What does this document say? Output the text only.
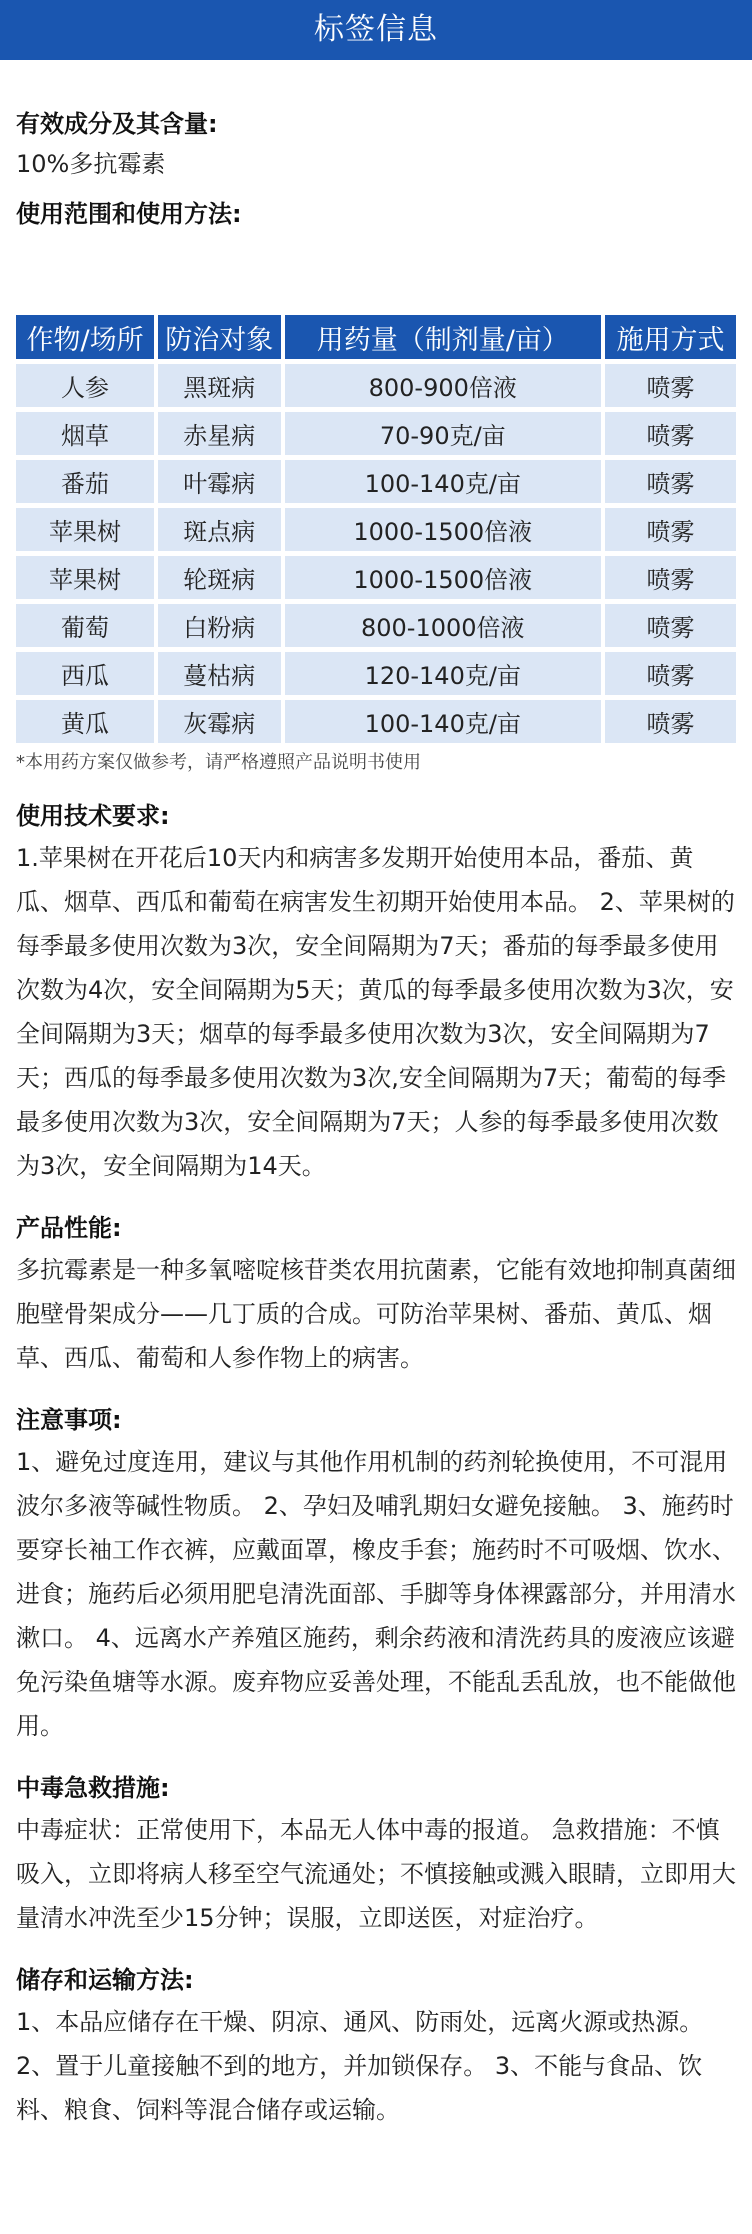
标签信息
有效成分及其含量:
10%多抗霉素
使用范围和使用方法:
作物/场所	防治对象	用药量（制剂量/亩）	施用方式
人参	黑斑病	800-900倍液	喷雾
烟草	赤星病	70-90克/亩	喷雾
番茄	叶霉病	100-140克/亩	喷雾
苹果树	斑点病	1000-1500倍液	喷雾
苹果树	轮斑病	1000-1500倍液	喷雾
葡萄	白粉病	800-1000倍液	喷雾
西瓜	蔓枯病	120-140克/亩	喷雾
黄瓜	灰霉病	100-140克/亩	喷雾
*本用药方案仅做参考，请严格遵照产品说明书使用
使用技术要求:
1.苹果树在开花后10天内和病害多发期开始使用本品，番茄、黄瓜、烟草、西瓜和葡萄在病害发生初期开始使用本品。 2、苹果树的每季最多使用次数为3次，安全间隔期为7天；番茄的每季最多使用次数为4次，安全间隔期为5天；黄瓜的每季最多使用次数为3次，安全间隔期为3天；烟草的每季最多使用次数为3次，安全间隔期为7天；西瓜的每季最多使用次数为3次,安全间隔期为7天；葡萄的每季最多使用次数为3次，安全间隔期为7天；人参的每季最多使用次数为3次，安全间隔期为14天。
产品性能:
多抗霉素是一种多氧嘧啶核苷类农用抗菌素，它能有效地抑制真菌细胞壁骨架成分——几丁质的合成。可防治苹果树、番茄、黄瓜、烟草、西瓜、葡萄和人参作物上的病害。
注意事项:
1、避免过度连用，建议与其他作用机制的药剂轮换使用，不可混用波尔多液等碱性物质。 2、孕妇及哺乳期妇女避免接触。 3、施药时要穿长袖工作衣裤，应戴面罩，橡皮手套；施药时不可吸烟、饮水、进食；施药后必须用肥皂清洗面部、手脚等身体裸露部分，并用清水漱口。 4、远离水产养殖区施药，剩余药液和清洗药具的废液应该避免污染鱼塘等水源。废弃物应妥善处理，不能乱丢乱放，也不能做他用。
中毒急救措施:
中毒症状：正常使用下，本品无人体中毒的报道。 急救措施：不慎吸入，立即将病人移至空气流通处；不慎接触或溅入眼睛，立即用大量清水冲洗至少15分钟；误服，立即送医，对症治疗。
储存和运输方法:
1、本品应储存在干燥、阴凉、通风、防雨处，远离火源或热源。 2、置于儿童接触不到的地方，并加锁保存。 3、不能与食品、饮料、粮食、饲料等混合储存或运输。
